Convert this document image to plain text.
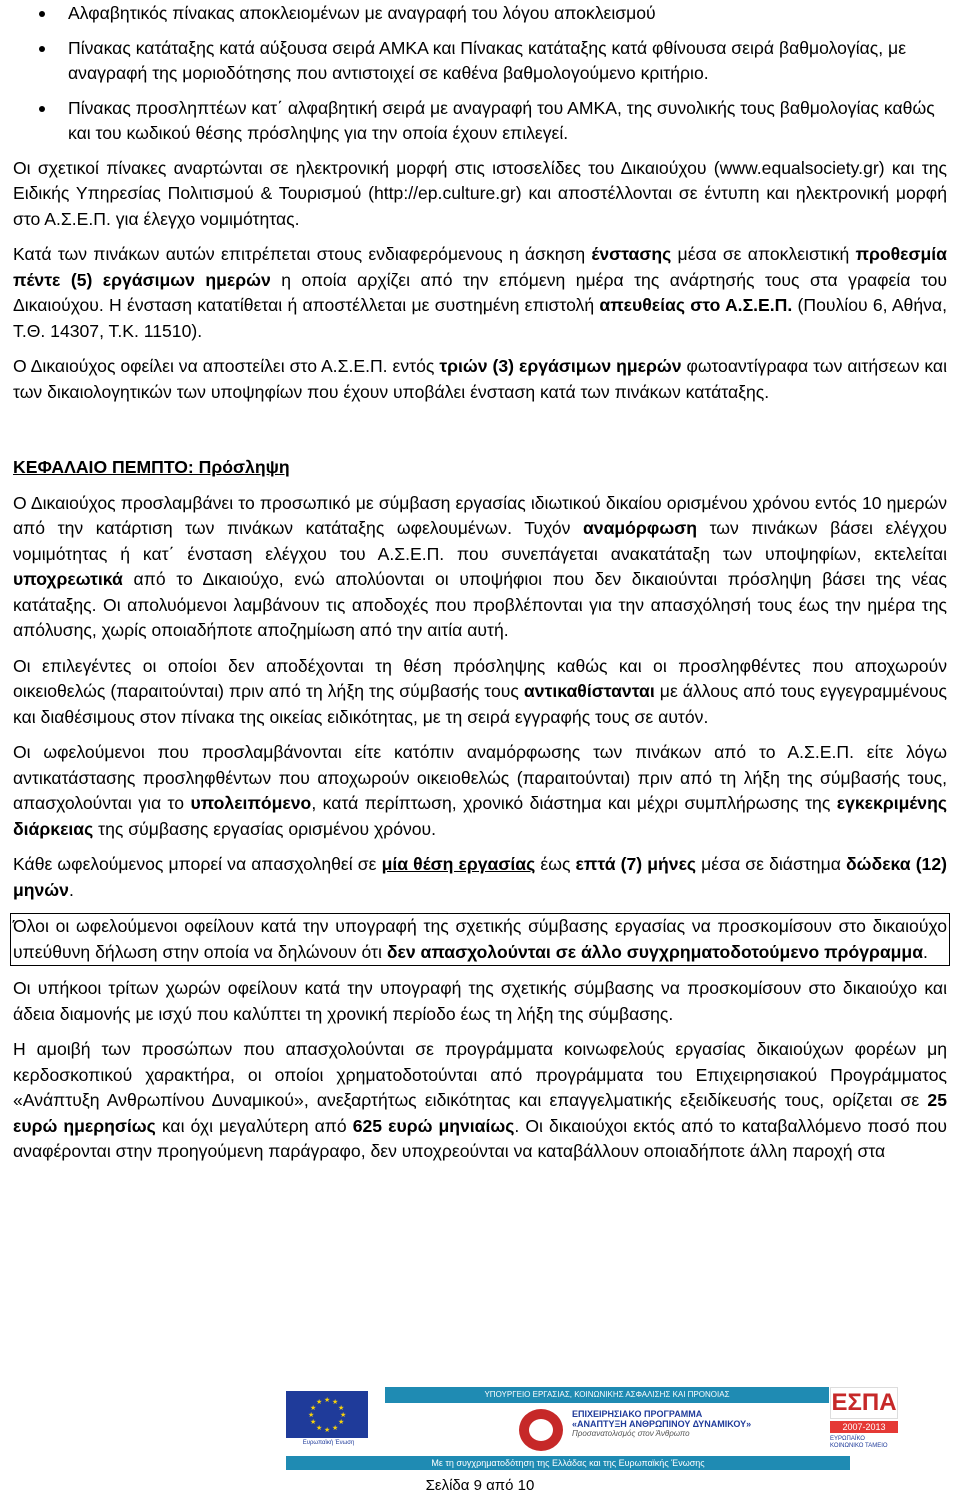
Αλφαβητικός πίνακας αποκλειομένων με αναγραφή του λόγου αποκλεισμού
Πίνακας κατάταξης κατά αύξουσα σειρά ΑΜΚΑ και Πίνακας κατάταξης κατά φθίνουσα σειρά βαθμολογίας, με αναγραφή της μοριοδότησης που αντιστοιχεί σε καθένα βαθμολογούμενο κριτήριο.
Πίνακας προσληπτέων κατ΄ αλφαβητική σειρά με αναγραφή του ΑΜΚΑ, της συνολικής τους βαθμολογίας καθώς και του κωδικού θέσης πρόσληψης για την οποία έχουν επιλεγεί.

Οι σχετικοί πίνακες αναρτώνται σε ηλεκτρονική μορφή στις ιστοσελίδες του Δικαιούχου (www.equalsociety.gr) και της Ειδικής Υπηρεσίας Πολιτισμού & Τουρισμού (http://ep.culture.gr) και αποστέλλονται σε έντυπη και ηλεκτρονική μορφή στο Α.Σ.Ε.Π. για έλεγχο νομιμότητας.

Κατά των πινάκων αυτών επιτρέπεται στους ενδιαφερόμενους η άσκηση ένστασης μέσα σε αποκλειστική προθεσμία πέντε (5) εργάσιμων ημερών η οποία αρχίζει από την επόμενη ημέρα της ανάρτησής τους στα γραφεία του Δικαιούχου. Η ένσταση κατατίθεται ή αποστέλλεται με συστημένη επιστολή απευθείας στο Α.Σ.Ε.Π. (Πουλίου 6, Αθήνα, Τ.Θ. 14307, Τ.Κ. 11510).

Ο Δικαιούχος οφείλει να αποστείλει στο Α.Σ.Ε.Π. εντός τριών (3) εργάσιμων ημερών φωτοαντίγραφα των αιτήσεων και των δικαιολογητικών των υποψηφίων που έχουν υποβάλει ένσταση κατά των πινάκων κατάταξης.

ΚΕΦΑΛΑΙΟ ΠΕΜΠΤΟ: Πρόσληψη

Ο Δικαιούχος προσλαμβάνει το προσωπικό με σύμβαση εργασίας ιδιωτικού δικαίου ορισμένου χρόνου εντός 10 ημερών από την κατάρτιση των πινάκων κατάταξης ωφελουμένων. Τυχόν αναμόρφωση των πινάκων βάσει ελέγχου νομιμότητας ή κατ΄ ένσταση ελέγχου του Α.Σ.Ε.Π. που συνεπάγεται ανακατάταξη των υποψηφίων, εκτελείται υποχρεωτικά από το Δικαιούχο, ενώ απολύονται οι υποψήφιοι που δεν δικαιούνται πρόσληψη βάσει της νέας κατάταξης. Οι απολυόμενοι λαμβάνουν τις αποδοχές που προβλέπονται για την απασχόλησή τους έως την ημέρα της απόλυσης, χωρίς οποιαδήποτε αποζημίωση από την αιτία αυτή.

Οι επιλεγέντες οι οποίοι δεν αποδέχονται τη θέση πρόσληψης καθώς και οι προσληφθέντες που αποχωρούν οικειοθελώς (παραιτούνται) πριν από τη λήξη της σύμβασής τους αντικαθίστανται με άλλους από τους εγγεγραμμένους και διαθέσιμους στον πίνακα της οικείας ειδικότητας, με τη σειρά εγγραφής τους σε αυτόν.

Οι ωφελούμενοι που προσλαμβάνονται είτε κατόπιν αναμόρφωσης των πινάκων από το Α.Σ.Ε.Π. είτε λόγω αντικατάστασης προσληφθέντων που αποχωρούν οικειοθελώς (παραιτούνται) πριν από τη λήξη της σύμβασής τους, απασχολούνται για το υπολειπόμενο, κατά περίπτωση, χρονικό διάστημα και μέχρι συμπλήρωσης της εγκεκριμένης διάρκειας της σύμβασης εργασίας ορισμένου χρόνου.

Κάθε ωφελούμενος μπορεί να απασχοληθεί σε μία θέση εργασίας έως επτά (7) μήνες μέσα σε διάστημα δώδεκα (12) μηνών.

Όλοι οι ωφελούμενοι οφείλουν κατά την υπογραφή της σχετικής σύμβασης εργασίας να προσκομίσουν στο δικαιούχο υπεύθυνη δήλωση στην οποία να δηλώνουν ότι δεν απασχολούνται σε άλλο συγχρηματοδοτούμενο πρόγραμμα.

Οι υπήκοοι τρίτων χωρών οφείλουν κατά την υπογραφή της σχετικής σύμβασης να προσκομίσουν στο δικαιούχο και άδεια διαμονής με ισχύ που καλύπτει τη χρονική περίοδο έως τη λήξη της σύμβασης.

Η αμοιβή των προσώπων που απασχολούνται σε προγράμματα κοινωφελούς εργασίας δικαιούχων φορέων μη κερδοσκοπικού χαρακτήρα, οι οποίοι χρηματοδοτούνται από προγράμματα του Επιχειρησιακού Προγράμματος «Ανάπτυξη Ανθρωπίνου Δυναμικού», ανεξαρτήτως ειδικότητας και επαγγελματικής εξειδίκευσής τους, ορίζεται σε 25 ευρώ ημερησίως και όχι μεγαλύτερη από 625 ευρώ μηνιαίως. Οι δικαιούχοι εκτός από το καταβαλλόμενο ποσό που αναφέρονται στην προηγούμενη παράγραφο, δεν υποχρεούνται να καταβάλλουν οποιαδήποτε άλλη παροχή στα

★ ★
★
★
★
★
★
★
★
★
★
★
Ευρωπαϊκή Ένωση
ΥΠΟΥΡΓΕΙΟ ΕΡΓΑΣΙΑΣ, ΚΟΙΝΩΝΙΚΗΣ ΑΣΦΑΛΙΣΗΣ ΚΑΙ ΠΡΟΝΟΙΑΣ
ΕΠΙΧΕΙΡΗΣΙΑΚΟ ΠΡΟΓΡΑΜΜΑ
«ΑΝΑΠΤΥΞΗ ΑΝΘΡΩΠΙΝΟΥ ΔΥΝΑΜΙΚΟΥ»
Προσανατολισμός στον Άνθρωπο
ΕΣΠΑ
2007-2013
ΕΥΡΩΠΑΪΚΟ ΚΟΙΝΩΝΙΚΟ ΤΑΜΕΙΟ
Με τη συγχρηματοδότηση της Ελλάδας και της Ευρωπαϊκής Ένωσης
Σελίδα 9 από 10
